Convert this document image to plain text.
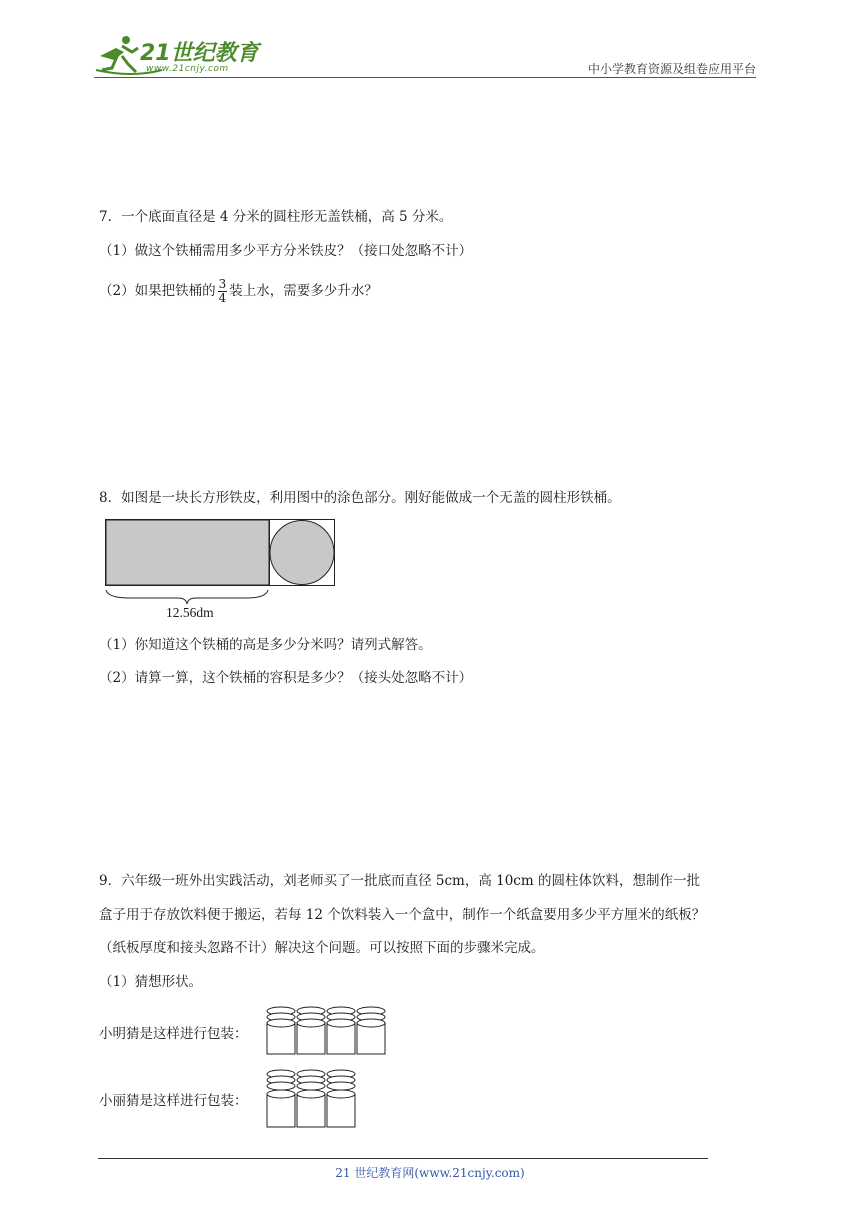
21世纪教育
www.21cnjy.com	中小学教育资源及组卷应用平台
7．一个底面直径是 4 分米的圆柱形无盖铁桶，高 5 分米。
（1）做这个铁桶需用多少平方分米铁皮？（接口处忽略不计）
（2）如果把铁桶的 $\frac{3}{4}$ 装上水，需要多少升水？
8．如图是一块长方形铁皮，利用图中的涂色部分。刚好能做成一个无盖的圆柱形铁桶。
12.56dm
（1）你知道这个铁桶的高是多少分米吗？请列式解答。
（2）请算一算，这个铁桶的容积是多少？（接头处忽略不计）
9．六年级一班外出实践活动，刘老师买了一批底而直径 5cm，高 10cm 的圆柱体饮料，想制作一批
盒子用于存放饮料便于搬运，若每 12 个饮料装入一个盒中，制作一个纸盒要用多少平方厘米的纸板？
（纸板厚度和接头忽路不计）解决这个问题。可以按照下面的步骤米完成。
（1）猜想形状。
小明猜是这样进行包装：
小丽猜是这样进行包装：
21 世纪教育网(www.21cnjy.com)
